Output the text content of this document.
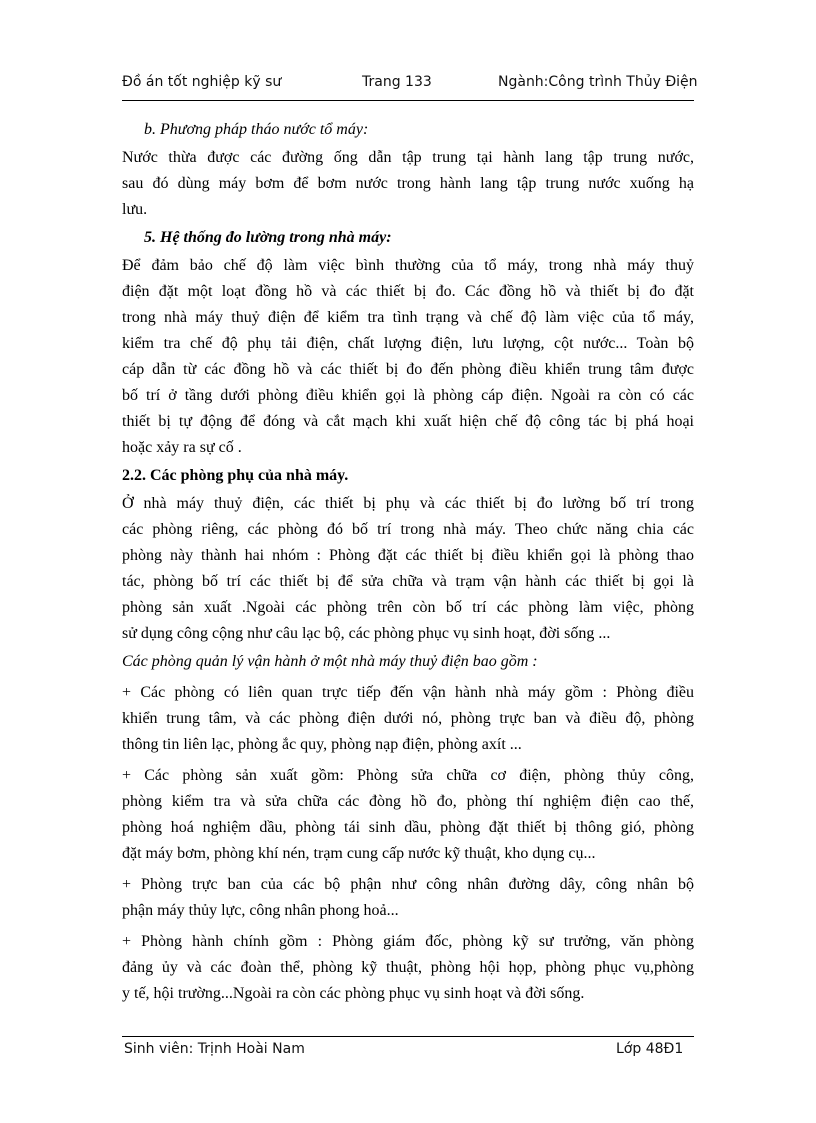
Đồ án tốt nghiệp kỹ sư	Trang 133	Ngành:Công trình Thủy Điện

b. Phương pháp tháo nước tổ máy:

Nước thừa được các đường ống dẫn tập trung tại hành lang tập trung nước,
sau đó dùng máy bơm để bơm nước trong hành lang tập trung nước xuống hạ
lưu.

5. Hệ thống đo lường trong nhà máy:

Để đảm bảo chế độ làm việc bình thường của tổ máy, trong nhà máy thuỷ
điện đặt một loạt đồng hồ và các thiết bị đo. Các đồng hồ và thiết bị đo đặt
trong nhà máy thuỷ điện để kiểm tra tình trạng và chế độ làm việc của tổ máy,
kiểm tra chế độ phụ tải điện, chất lượng điện, lưu lượng, cột nước... Toàn bộ
cáp dẫn từ các đồng hồ và các thiết bị đo đến phòng điều khiển trung tâm được
bố trí ở tầng dưới phòng điều khiển gọi là phòng cáp điện. Ngoài ra còn có các
thiết bị tự động để đóng và cắt mạch khi xuất hiện chế độ công tác bị phá hoại
hoặc xảy ra sự cố .

2.2. Các phòng phụ của nhà máy.

Ở nhà máy thuỷ điện, các thiết bị phụ và các thiết bị đo lường bố trí trong
các phòng riêng, các phòng đó bố trí trong nhà máy. Theo chức năng chia các
phòng này thành hai nhóm : Phòng đặt các thiết bị điều khiển gọi là phòng thao
tác, phòng bố trí các thiết bị để sửa chữa và trạm vận hành các thiết bị gọi là
phòng sản xuất .Ngoài các phòng trên còn bố trí các phòng làm việc, phòng
sử dụng công cộng như câu lạc bộ, các phòng phục vụ sinh hoạt, đời sống ...

Các phòng quản lý vận hành ở một nhà máy thuỷ điện bao gồm :

+ Các phòng có liên quan trực tiếp đến vận hành nhà máy gồm : Phòng điều
khiển trung tâm, và các phòng điện dưới nó, phòng trực ban và điều độ, phòng
thông tin liên lạc, phòng ắc quy, phòng nạp điện, phòng axít ...

+ Các phòng sản xuất gồm: Phòng sửa chữa cơ điện, phòng thủy công,
phòng kiểm tra và sửa chữa các đòng hồ đo, phòng thí nghiệm điện cao thế,
phòng hoá nghiệm dầu, phòng tái sinh dầu, phòng đặt thiết bị thông gió, phòng
đặt máy bơm, phòng khí nén, trạm cung cấp nước kỹ thuật, kho dụng cụ...

+ Phòng trực ban của các bộ phận như công nhân đường dây, công nhân bộ
phận máy thủy lực, công nhân phong hoả...

+ Phòng hành chính gồm : Phòng giám đốc, phòng kỹ sư trưởng, văn phòng
đảng ủy và các đoàn thể, phòng kỹ thuật, phòng hội họp, phòng phục vụ,phòng
y tế, hội trường...Ngoài ra còn các phòng phục vụ sinh hoạt và đời sống.

Sinh viên: Trịnh Hoài Nam	Lớp 48Đ1
